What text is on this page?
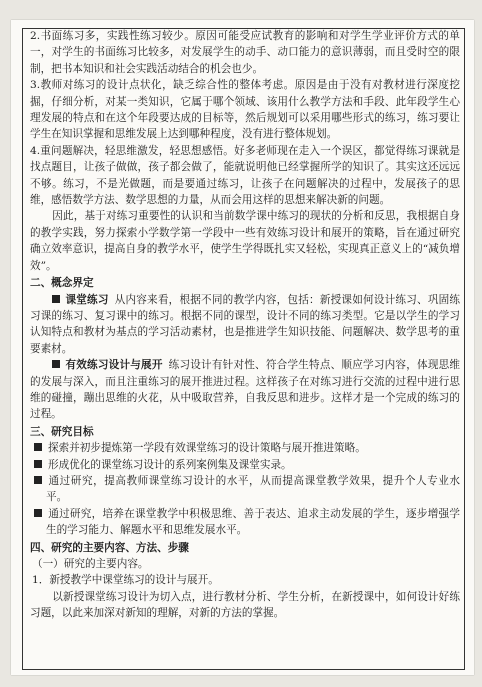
2.书面练习多，实践性练习较少。原因可能受应试教育的影响和对学生学业评价方式的单一，对学生的书面练习比较多，对发展学生的动手、动口能力的意识薄弱，而且受时空的限制，把书本知识和社会实践活动结合的机会也少。

3.教师对练习的设计点状化，缺乏综合性的整体考虑。原因是由于没有对教材进行深度挖掘，仔细分析，对某一类知识，它属于哪个领域、该用什么教学方法和手段、此年段学生心理发展的特点和在这个年段要达成的目标等，然后规划可以采用哪些形式的练习，练习要让学生在知识掌握和思维发展上达到哪种程度，没有进行整体规划。

4.重问题解决，轻思维激发，轻思想感悟。好多老师现在走入一个误区，都觉得练习课就是找点题目，让孩子做做，孩子都会做了，能就说明他已经掌握所学的知识了。其实这还远远不够。练习，不是光做题，而是要通过练习，让孩子在问题解决的过程中，发展孩子的思维，感悟数学方法、数学思想的力量，从而会用这样的思想来解决新的问题。

因此，基于对练习重要性的认识和当前数学课中练习的现状的分析和反思，我根据自身的教学实践，努力探索小学数学第一学段中一些有效练习设计和展开的策略，旨在通过研究确立效率意识，提高自身的教学水平，使学生学得既扎实又轻松，实现真正意义上的“减负增效”。

二、概念界定

课堂练习 从内容来看，根据不同的教学内容，包括：新授课如何设计练习、巩固练习课的练习、复习课中的练习。根据不同的课型，设计不同的练习类型。它是以学生的学习认知特点和教材为基点的学习活动素材，也是推进学生知识技能、问题解决、数学思考的重要素材。

有效练习设计与展开 练习设计有针对性、符合学生特点、顺应学习内容，体现思维的发展与深入，而且注重练习的展开推进过程。这样孩子在对练习进行交流的过程中进行思维的碰撞，蹦出思维的火花，从中吸取营养，自我反思和进步。这样才是一个完成的练习的过程。

三、研究目标

探索并初步提炼第一学段有效课堂练习的设计策略与展开推进策略。

形成优化的课堂练习设计的系列案例集及课堂实录。

通过研究，提高教师课堂练习设计的水平，从而提高课堂教学效果，提升个人专业水平。

通过研究，培养在课堂教学中积极思维、善于表达、追求主动发展的学生，逐步增强学生的学习能力、解题水平和思维发展水平。

四、研究的主要内容、方法、步骤

（一）研究的主要内容。

1．新授教学中课堂练习的设计与展开。

以新授课堂练习设计为切入点，进行教材分析、学生分析，在新授课中，如何设计好练习题，以此来加深对新知的理解，对新的方法的掌握。
